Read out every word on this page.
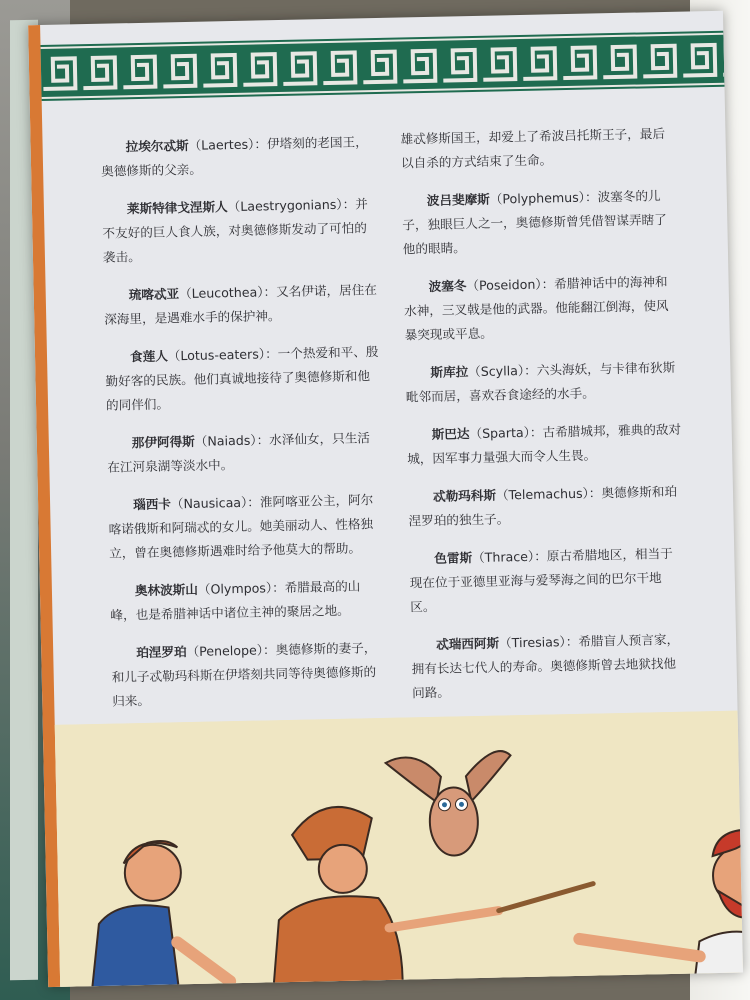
拉埃尔忒斯（Laertes）：伊塔刻的老国王，奥德修斯的父亲。
莱斯特律戈涅斯人（Laestrygonians）：并不友好的巨人食人族，对奥德修斯发动了可怕的袭击。
琉喀忒亚（Leucothea）：又名伊诺，居住在深海里，是遇难水手的保护神。
食莲人（Lotus-eaters）：一个热爱和平、殷勤好客的民族。他们真诚地接待了奥德修斯和他的同伴们。
那伊阿得斯（Naiads）：水泽仙女，只生活在江河泉湖等淡水中。
瑙西卡（Nausicaa）：淮阿喀亚公主，阿尔喀诺俄斯和阿瑞忒的女儿。她美丽动人、性格独立，曾在奥德修斯遇难时给予他莫大的帮助。
奥林波斯山（Olympos）：希腊最高的山峰，也是希腊神话中诸位主神的聚居之地。
珀涅罗珀（Penelope）：奥德修斯的妻子，和儿子忒勒玛科斯在伊塔刻共同等待奥德修斯的归来。
雄忒修斯国王，却爱上了希波吕托斯王子，最后以自杀的方式结束了生命。
波吕斐摩斯（Polyphemus）：波塞冬的儿子，独眼巨人之一，奥德修斯曾凭借智谋弄瞎了他的眼睛。
波塞冬（Poseidon）：希腊神话中的海神和水神，三叉戟是他的武器。他能翻江倒海，使风暴突现或平息。
斯库拉（Scylla）：六头海妖，与卡律布狄斯毗邻而居，喜欢吞食途经的水手。
斯巴达（Sparta）：古希腊城邦，雅典的敌对城，因军事力量强大而令人生畏。
忒勒玛科斯（Telemachus）：奥德修斯和珀涅罗珀的独生子。
色雷斯（Thrace）：原古希腊地区，相当于现在位于亚德里亚海与爱琴海之间的巴尔干地区。
忒瑞西阿斯（Tiresias）：希腊盲人预言家，拥有长达七代人的寿命。奥德修斯曾去地狱找他问路。
